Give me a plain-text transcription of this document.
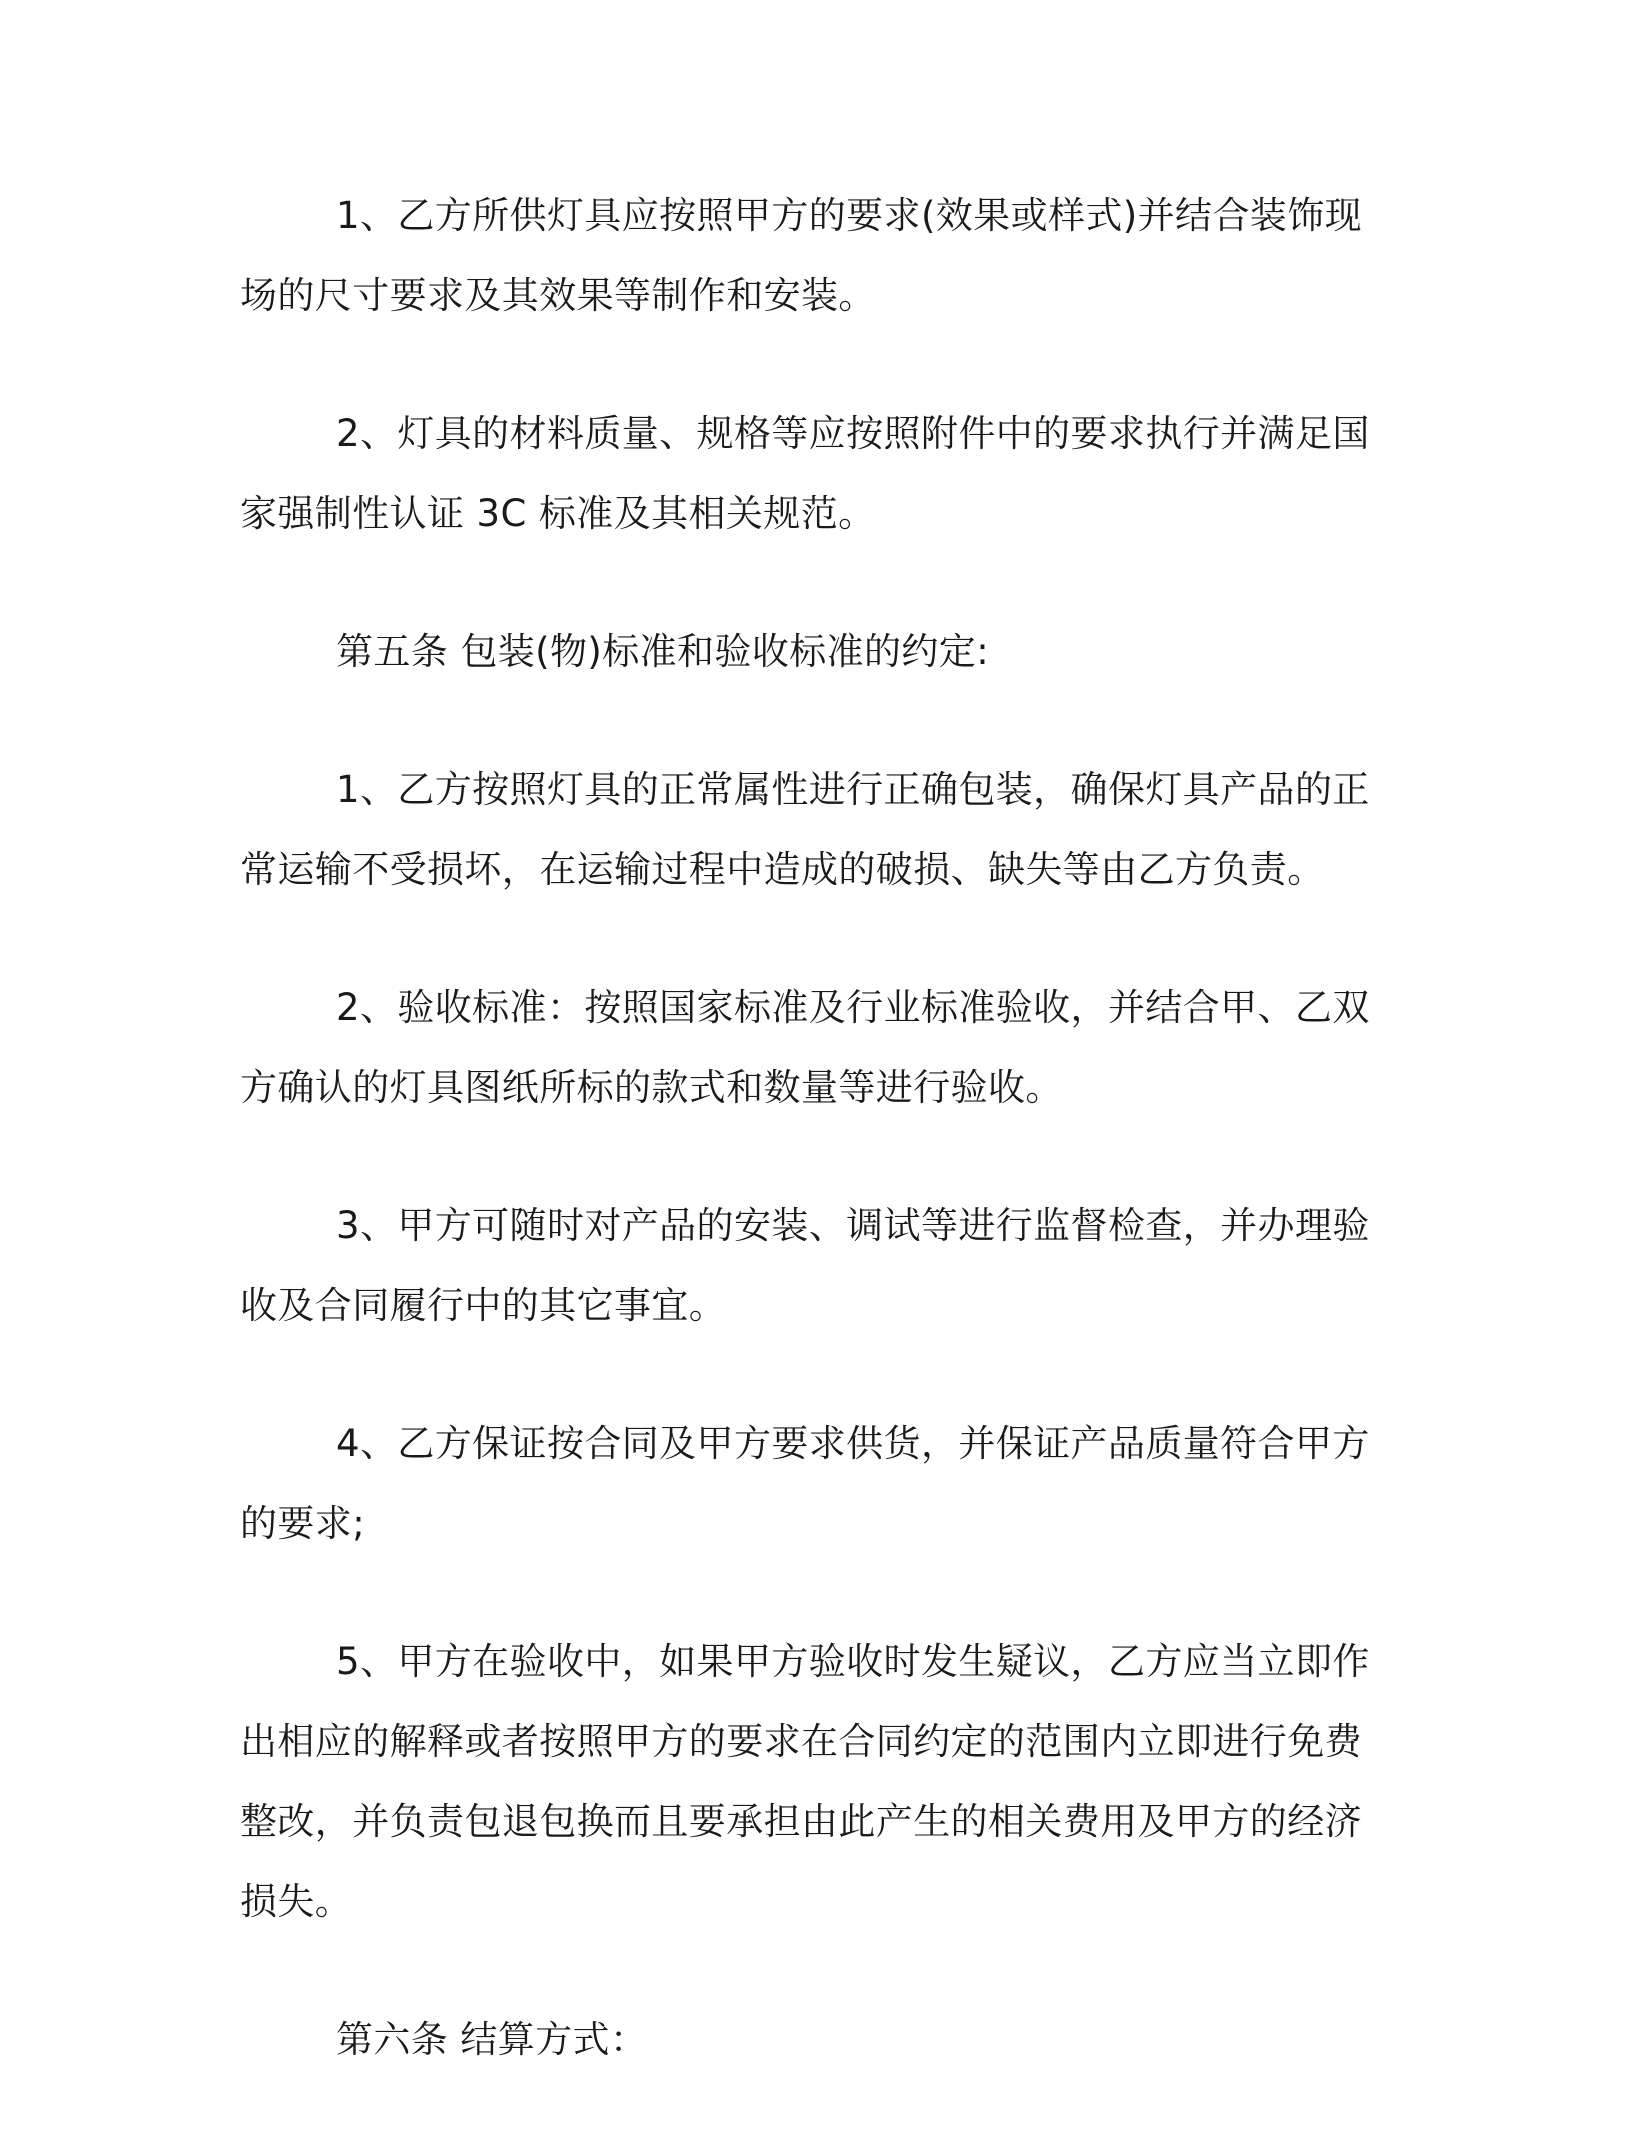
1、乙方所供灯具应按照甲方的要求(效果或样式)并结合装饰现场的尺寸要求及其效果等制作和安装。

2、灯具的材料质量、规格等应按照附件中的要求执行并满足国家强制性认证 3C 标准及其相关规范。

第五条 包装(物)标准和验收标准的约定:

1、乙方按照灯具的正常属性进行正确包装，确保灯具产品的正常运输不受损坏，在运输过程中造成的破损、缺失等由乙方负责。

2、验收标准：按照国家标准及行业标准验收，并结合甲、乙双方确认的灯具图纸所标的款式和数量等进行验收。

3、甲方可随时对产品的安装、调试等进行监督检查，并办理验收及合同履行中的其它事宜。

4、乙方保证按合同及甲方要求供货，并保证产品质量符合甲方的要求;

5、甲方在验收中，如果甲方验收时发生疑议，乙方应当立即作出相应的解释或者按照甲方的要求在合同约定的范围内立即进行免费整改，并负责包退包换而且要承担由此产生的相关费用及甲方的经济损失。

第六条 结算方式：
